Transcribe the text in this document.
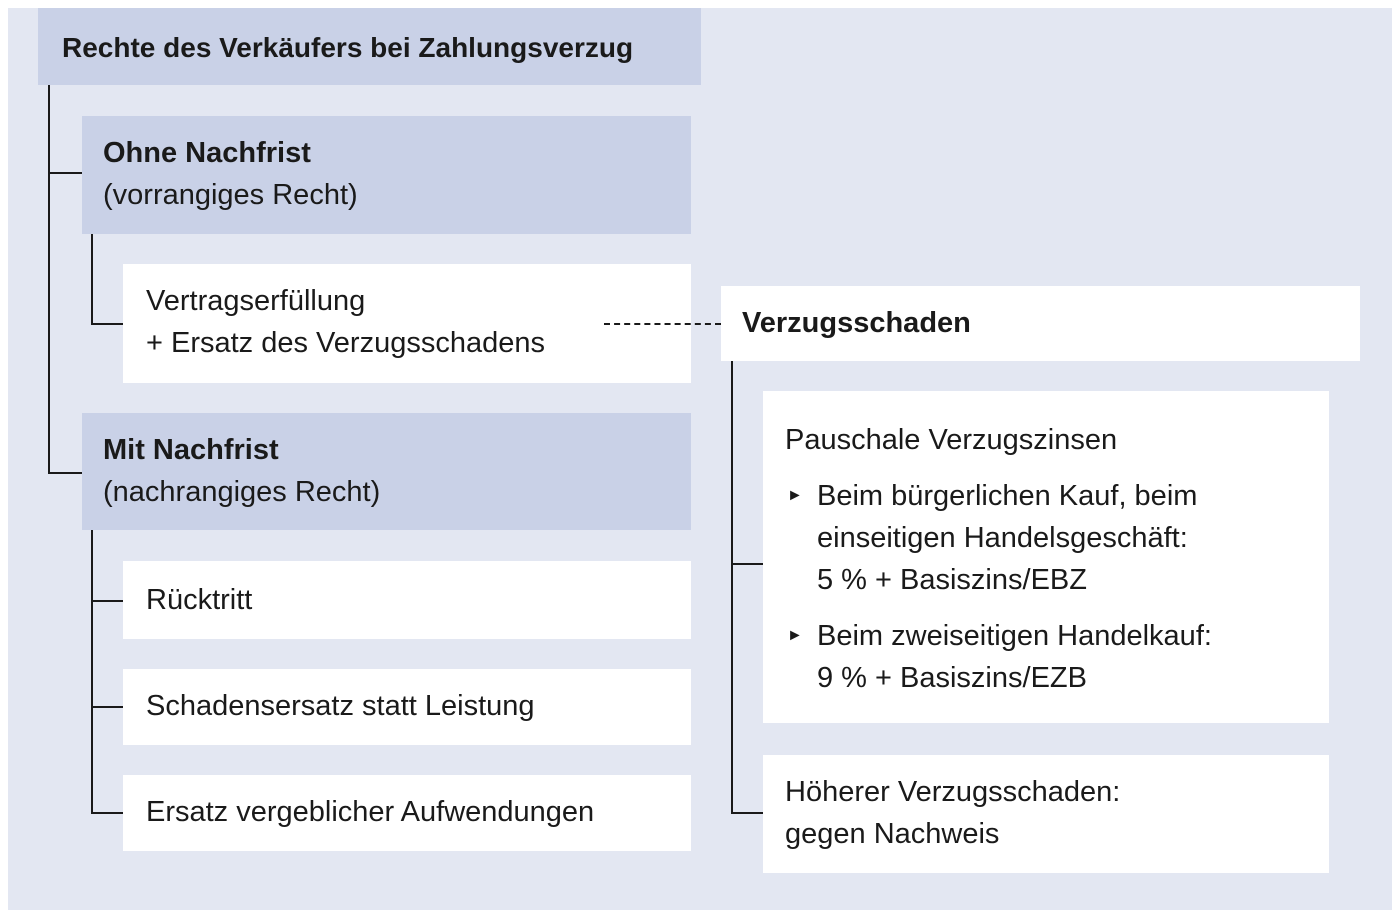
Rechte des Verkäufers bei Zahlungsverzug
Ohne Nachfrist
(vorrangiges Recht)
Vertragserfüllung
+ Ersatz des Verzugsschadens
Mit Nachfrist
(nachrangiges Recht)
Rücktritt
Schadensersatz statt Leistung
Ersatz vergeblicher Aufwendungen
Verzugsschaden
Pauschale Verzugszinsen
► Beim bürgerlichen Kauf, beim
einseitigen Handelsgeschäft:
5 % + Basiszins/EBZ
► Beim zweiseitigen Handelkauf:
9 % + Basiszins/EZB
Höherer Verzugsschaden:
gegen Nachweis
